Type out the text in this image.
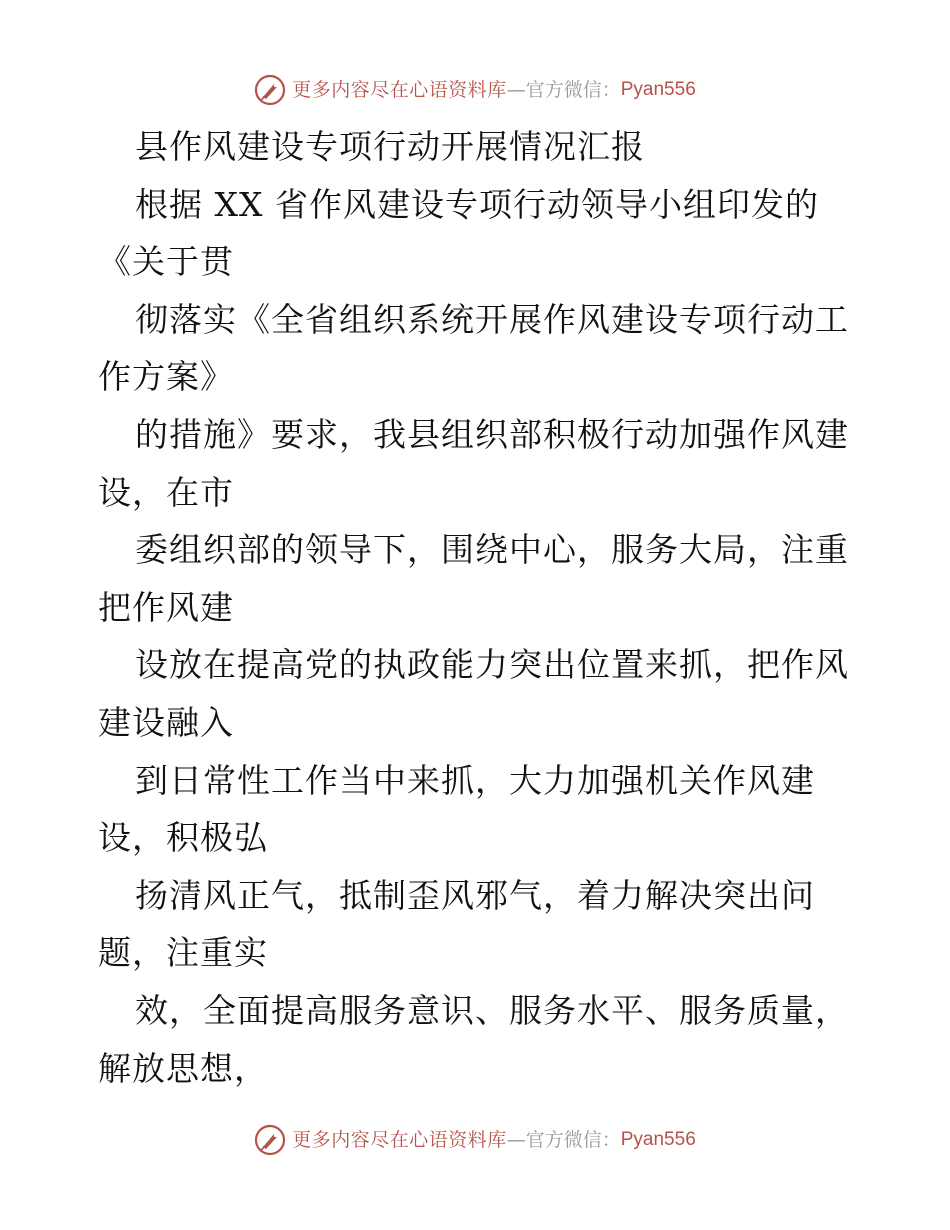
更多内容尽在心语资料库 — 官方微信： Pyan556
县作风建设专项行动开展情况汇报
根据 XX 省作风建设专项行动领导小组印发的
《关于贯
彻落实《全省组织系统开展作风建设专项行动工
作方案》
的措施》要求，我县组织部积极行动加强作风建
设，在市
委组织部的领导下，围绕中心，服务大局，注重
把作风建
设放在提高党的执政能力突出位置来抓，把作风
建设融入
到日常性工作当中来抓，大力加强机关作风建
设，积极弘
扬清风正气，抵制歪风邪气，着力解决突出问
题，注重实
效，全面提高服务意识、服务水平、服务质量，
解放思想，
更多内容尽在心语资料库 — 官方微信： Pyan556
